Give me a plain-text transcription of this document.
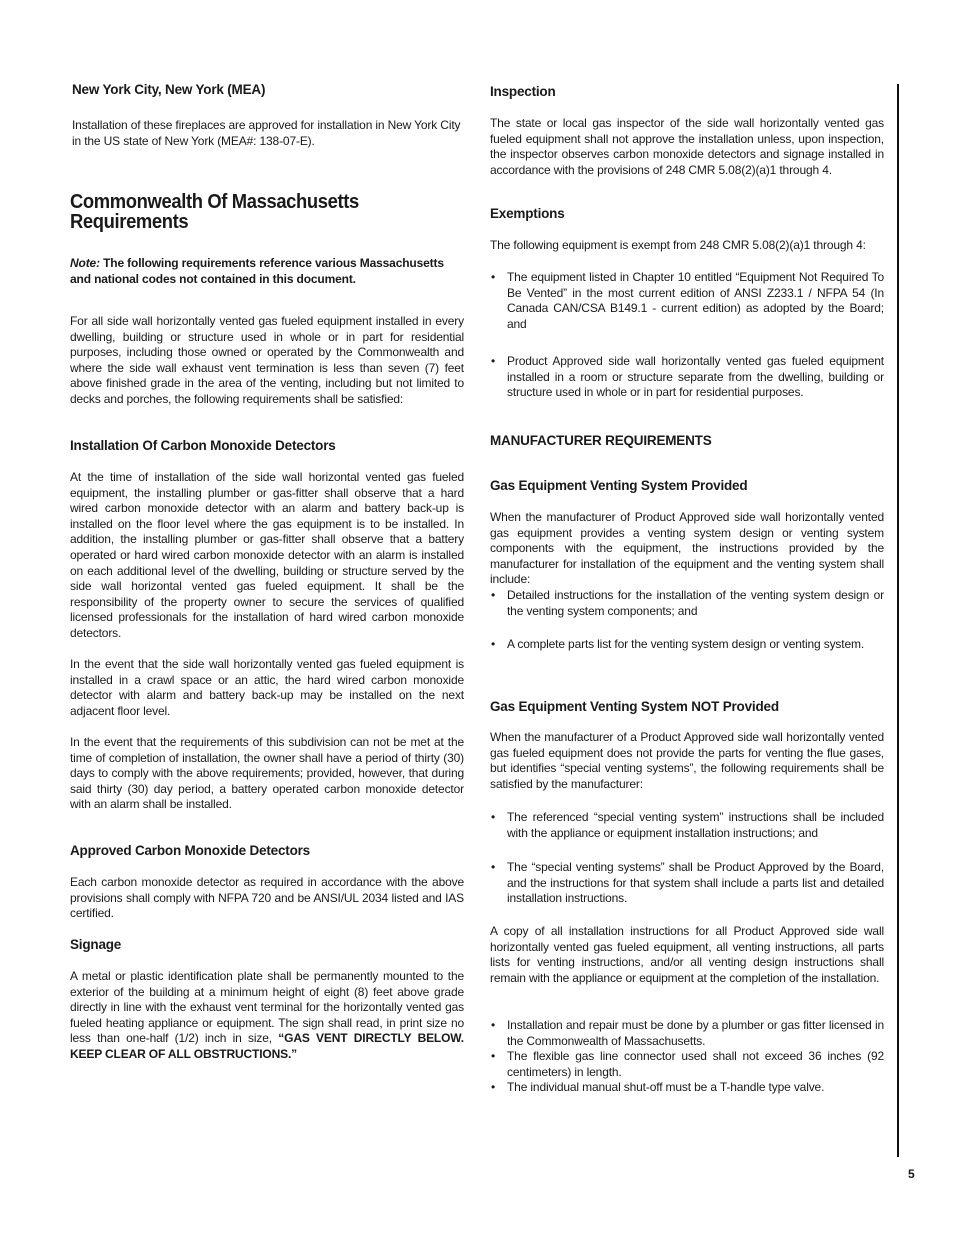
New York City, New York (MEA)

Installation of these fireplaces are approved for installation in New York City in the US state of New York (MEA#: 138-07-E).

Commonwealth Of Massachusetts Requirements

Note: The following requirements reference various Massachusetts and national codes not contained in this document.

For all side wall horizontally vented gas fueled equipment installed in every dwelling, building or structure used in whole or in part for residential purposes, including those owned or operated by the Commonwealth and where the side wall exhaust vent termination is less than seven (7) feet above finished grade in the area of the venting, including but not limited to decks and porches, the following requirements shall be satisfied:

Installation Of Carbon Monoxide Detectors

At the time of installation of the side wall horizontal vented gas fueled equipment, the installing plumber or gas-fitter shall observe that a hard wired carbon monoxide detector with an alarm and battery back-up is installed on the floor level where the gas equipment is to be installed. In addition, the installing plumber or gas-fitter shall observe that a battery operated or hard wired carbon monoxide detector with an alarm is installed on each additional level of the dwelling, building or structure served by the side wall horizontal vented gas fueled equipment. It shall be the responsibility of the property owner to secure the services of qualified licensed professionals for the installation of hard wired carbon monoxide detectors.

In the event that the side wall horizontally vented gas fueled equipment is installed in a crawl space or an attic, the hard wired carbon monoxide detector with alarm and battery back-up may be installed on the next adjacent floor level.

In the event that the requirements of this subdivision can not be met at the time of completion of installation, the owner shall have a period of thirty (30) days to comply with the above requirements; provided, however, that during said thirty (30) day period, a battery operated carbon monoxide detector with an alarm shall be installed.

Approved Carbon Monoxide Detectors

Each carbon monoxide detector as required in accordance with the above provisions shall comply with NFPA 720 and be ANSI/UL 2034 listed and IAS certified.

Signage

A metal or plastic identification plate shall be permanently mounted to the exterior of the building at a minimum height of eight (8) feet above grade directly in line with the exhaust vent terminal for the horizontally vented gas fueled heating appliance or equipment. The sign shall read, in print size no less than one-half (1/2) inch in size, “GAS VENT DIRECTLY BELOW. KEEP CLEAR OF ALL OBSTRUCTIONS.”

Inspection

The state or local gas inspector of the side wall horizontally vented gas fueled equipment shall not approve the installation unless, upon inspection, the inspector observes carbon monoxide detectors and signage installed in accordance with the provisions of 248 CMR 5.08(2)(a)1 through 4.

Exemptions

The following equipment is exempt from 248 CMR 5.08(2)(a)1 through 4:

• The equipment listed in Chapter 10 entitled “Equipment Not Required To Be Vented” in the most current edition of ANSI Z233.1 / NFPA 54 (In Canada CAN/CSA B149.1 - current edition) as adopted by the Board; and
• Product Approved side wall horizontally vented gas fueled equipment installed in a room or structure separate from the dwelling, building or structure used in whole or in part for residential purposes.
MANUFACTURER REQUIREMENTS
Gas Equipment Venting System Provided

When the manufacturer of Product Approved side wall horizontally vented gas equipment provides a venting system design or venting system components with the equipment, the instructions provided by the manufacturer for installation of the equipment and the venting system shall include:

• Detailed instructions for the installation of the venting system design or the venting system components; and
• A complete parts list for the venting system design or venting system.
Gas Equipment Venting System NOT Provided

When the manufacturer of a Product Approved side wall horizontally vented gas fueled equipment does not provide the parts for venting the flue gases, but identifies “special venting systems”, the following requirements shall be satisfied by the manufacturer:

• The referenced “special venting system” instructions shall be included with the appliance or equipment installation instructions; and
• The “special venting systems” shall be Product Approved by the Board, and the instructions for that system shall include a parts list and detailed installation instructions.

A copy of all installation instructions for all Product Approved side wall horizontally vented gas fueled equipment, all venting instructions, all parts lists for venting instructions, and/or all venting design instructions shall remain with the appliance or equipment at the completion of the installation.

• Installation and repair must be done by a plumber or gas fitter licensed in the Commonwealth of Massachusetts.
• The flexible gas line connector used shall not exceed 36 inches (92 centimeters) in length.
• The individual manual shut-off must be a T-handle type valve.
5
